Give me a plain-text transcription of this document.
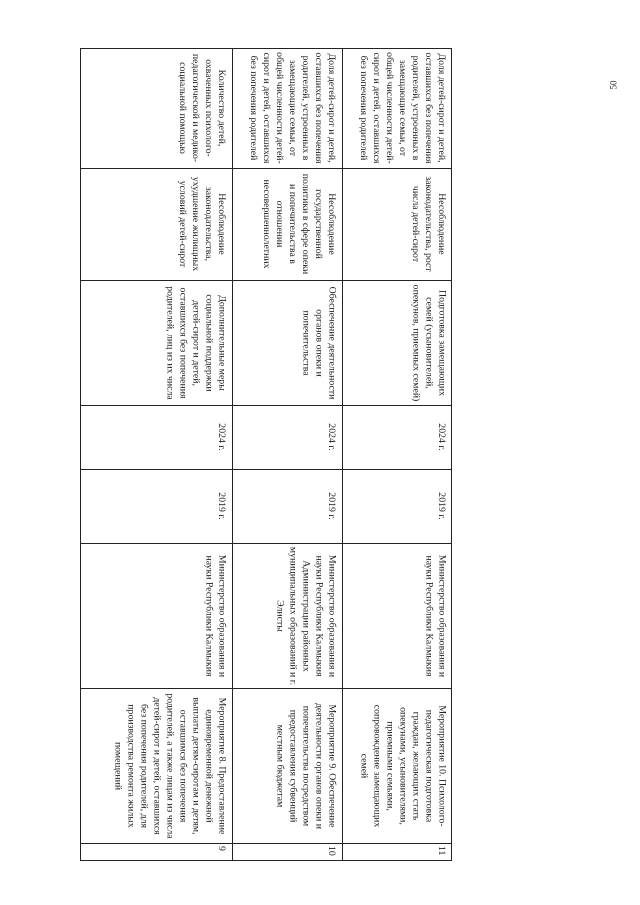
50
9
Мероприятие 8. Предоставление единовременной денежной выплаты детям-сиротам и детям, оставшимся без попечения родителей, а также лицам из числа детей-сирот и детей, оставшихся без попечения родителей, для производства ремонта жилых помещений
Министерство образования и науки Республики Калмыкия
2019 г.
2024 г.
Дополнительные меры социальной поддержки детей-сирот и детей, оставшихся без попечения родителей, лиц из их числа
Несоблюдение законодательства, ухудшение жилищных условий детей-сирот
Количество детей, охваченных психолого-педагогической и медико-социальной помощью
10
Мероприятие 9. Обеспечение деятельности органов опеки и попечительства посредством предоставления субвенций местным бюджетам
Министерство образования и науки Республики Калмыкия Администрации районных муниципальных образований и г. Элисты
2019 г.
2024 г.
Обеспечение деятельности органов опеки и попечительства
Несоблюдение государственной политики в сфере опеки и попечительства в отношении несовершеннолетних
Доля детей-сирот и детей, оставшихся без попечения родителей, устроенных в замещающие семьи, от общей численности детей-сирот и детей, оставшихся без попечения родителей
11
Мероприятие 10. Психолого-педагогическая подготовка граждан, желающих стать опекунами, усыновителями, приемными семьями, сопровождение замещающих семей
Министерство образования и науки Республики Калмыкия
2019 г.
2024 г.
Подготовка замещающих семей (усыновителей, опекунов, приемных семей)
Несоблюдение законодательства, рост числа детей-сирот
Доля детей-сирот и детей, оставшихся без попечения родителей, устроенных в замещающие семьи, от общей численности детей-сирот и детей, оставшихся без попечения родителей
